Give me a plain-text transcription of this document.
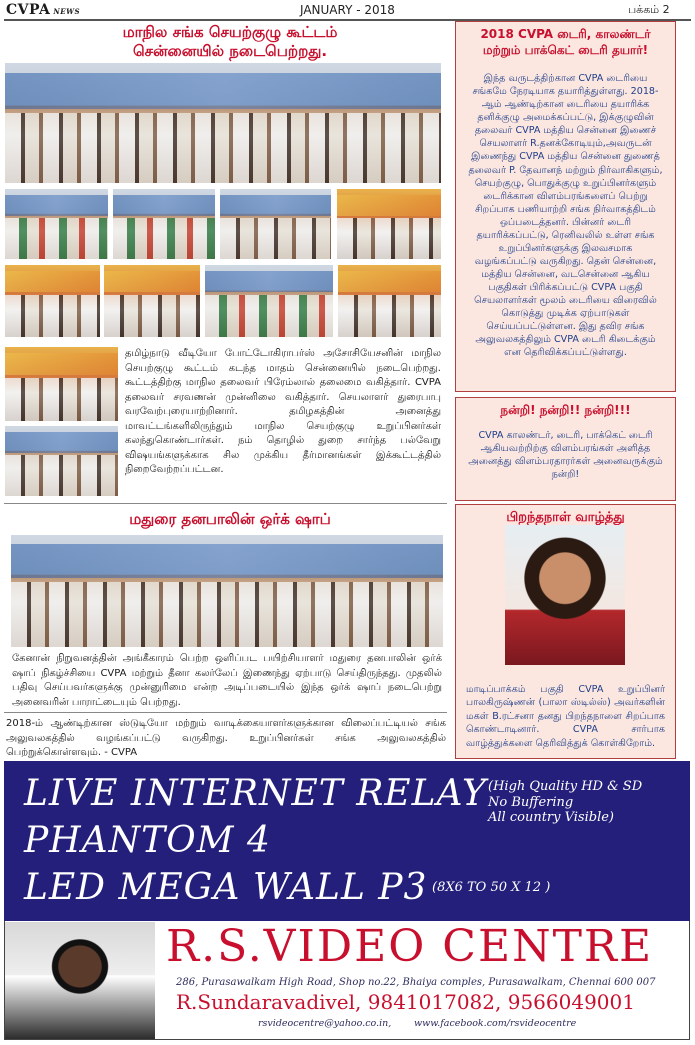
CVPA NEWS	JANUARY - 2018	பக்கம் 2
மாநில சங்க செயற்குழு கூட்டம்
சென்னையில் நடைபெற்றது.
தமிழ்நாடு வீடியோ போட்டோகிராபர்ஸ் அசோசியேசனின் மாநில செயற்குழு கூட்டம் கடந்த மாதம் சென்னையில் நடைபெற்றது. கூட்டத்திற்கு மாநில தலைவர் பிரேம்லால் தலைமை வகித்தார். CVPA தலைவர் சரவணன் முன்னிலை வகித்தார். செயலாளர் துரைபாபு வரவேற்புரையாற்றினார். தமிழகத்தின் அனைத்து மாவட்டங்களிலிருந்தும் மாநில செயற்குழு உறுப்பினர்கள் கலந்துகொண்டார்கள். நம் தொழில் துறை சார்ந்த பல்வேறு விஷயங்களுக்காக சில முக்கிய தீர்மானங்கள் இக்கூட்டத்தில் நிறைவேற்றப்பட்டன.
மதுரை தனபாலின் ஒர்க் ஷாப்
கேனான் நிறுவனத்தின் அங்கீகாரம் பெற்ற ஒளிப்பட பயிற்சியாளர் மதுரை தனபாலின் ஒர்க் ஷாப் நிகழ்ச்சியை CVPA மற்றும் தீனா கலர்லேப் இணைந்து ஏற்பாடு செய்திருந்தது. முதலில் பதிவு செய்பவர்களுக்கு முன்னுரிமை என்ற அடிப்படையில் இந்த ஒர்க் ஷாப் நடைபெற்று அனைவரின் பாராட்டையும் பெற்றது.
2018-ம் ஆண்டிற்கான ஸ்டுடியோ மற்றும் வாடிக்கையாளர்களுக்கான விலைப்பட்டியல் சங்க அலுவலகத்தில் வழங்கப்பட்டு வருகிறது. உறுப்பினர்கள் சங்க அலுவலகத்தில் பெற்றுக்கொள்ளவும். - CVPA
2018 CVPA டைரி, காலண்டர்
மற்றும் பாக்கெட் டைரி தயார்!
இந்த வருடத்திற்கான CVPA டைரியை சங்கமே நேரடியாக தயாரித்துள்ளது. 2018-ஆம் ஆண்டிற்கான டைரியை தயாரிக்க தனிக்குழு அமைக்கப்பட்டு, இக்குழுவின் தலைவர் CVPA மத்திய சென்னை இணைச் செயலாளர் R.தனக்கோடியும்,அவருடன் இணைந்து CVPA மத்திய சென்னை துணைத் தலைவர் P. தேவானந் மற்றும் நிர்வாகிகளும், செயற்குழு, பொதுக்குழு உறுப்பினர்களும் டைரிக்கான விளம்பரங்களைப் பெற்று சிறப்பாக பணியாற்றி சங்க நிர்வாகத்திடம் ஒப்படைத்தனர். பின்னர் டைரி தயாரிக்கப்பட்டு, ரெனிவலில் உள்ள சங்க உறுப்பினர்களுக்கு இலவசமாக வழங்கப்பட்டு வருகிறது. தென் சென்னை, மத்திய சென்னை, வடசென்னை ஆகிய பகுதிகள் பிரிக்கப்பட்டு CVPA பகுதி செயலாளர்கள் மூலம் டைரியை விரைவில் கொடுத்து முடிக்க ஏற்பாடுகள் செய்யப்பட்டுள்ளன. இது தவிர சங்க அலுவலகத்திலும் CVPA டைரி கிடைக்கும் என தெரிவிக்கப்பட்டுள்ளது.
நன்றி! நன்றி!! நன்றி!!!
CVPA காலண்டர், டைரி, பாக்கெட் டைரி ஆகியவற்றிற்கு விளம்பரங்கள் அளித்த அனைத்து விளம்பரதாரர்கள் அனைவருக்கும் நன்றி!
பிறந்தநாள் வாழ்த்து
மாடிப்பாக்கம் பகுதி CVPA உறுப்பினர் பாலகிருஷ்ணன் (பாலா ஸ்டில்ஸ்) அவர்களின் மகள் B.ரட்சனா தனது பிறந்தநாளை சிறப்பாக கொண்டாடினார். CVPA சார்பாக வாழ்த்துக்களை தெரிவித்துக் கொள்கிறோம்.
LIVE INTERNET RELAY
PHANTOM 4
LED MEGA WALL P3
(High Quality HD & SD
No Buffering
All country Visible)
(8X6 TO 50 X 12 )
R.S.VIDEO CENTRE
286, Purasawalkam High Road, Shop no.22, Bhaiya comples, Purasawalkam, Chennai 600 007
R.Sundaravadivel, 9841017082, 9566049001
rsvideocentre@yahoo.co.in, www.facebook.com/rsvideocentre
